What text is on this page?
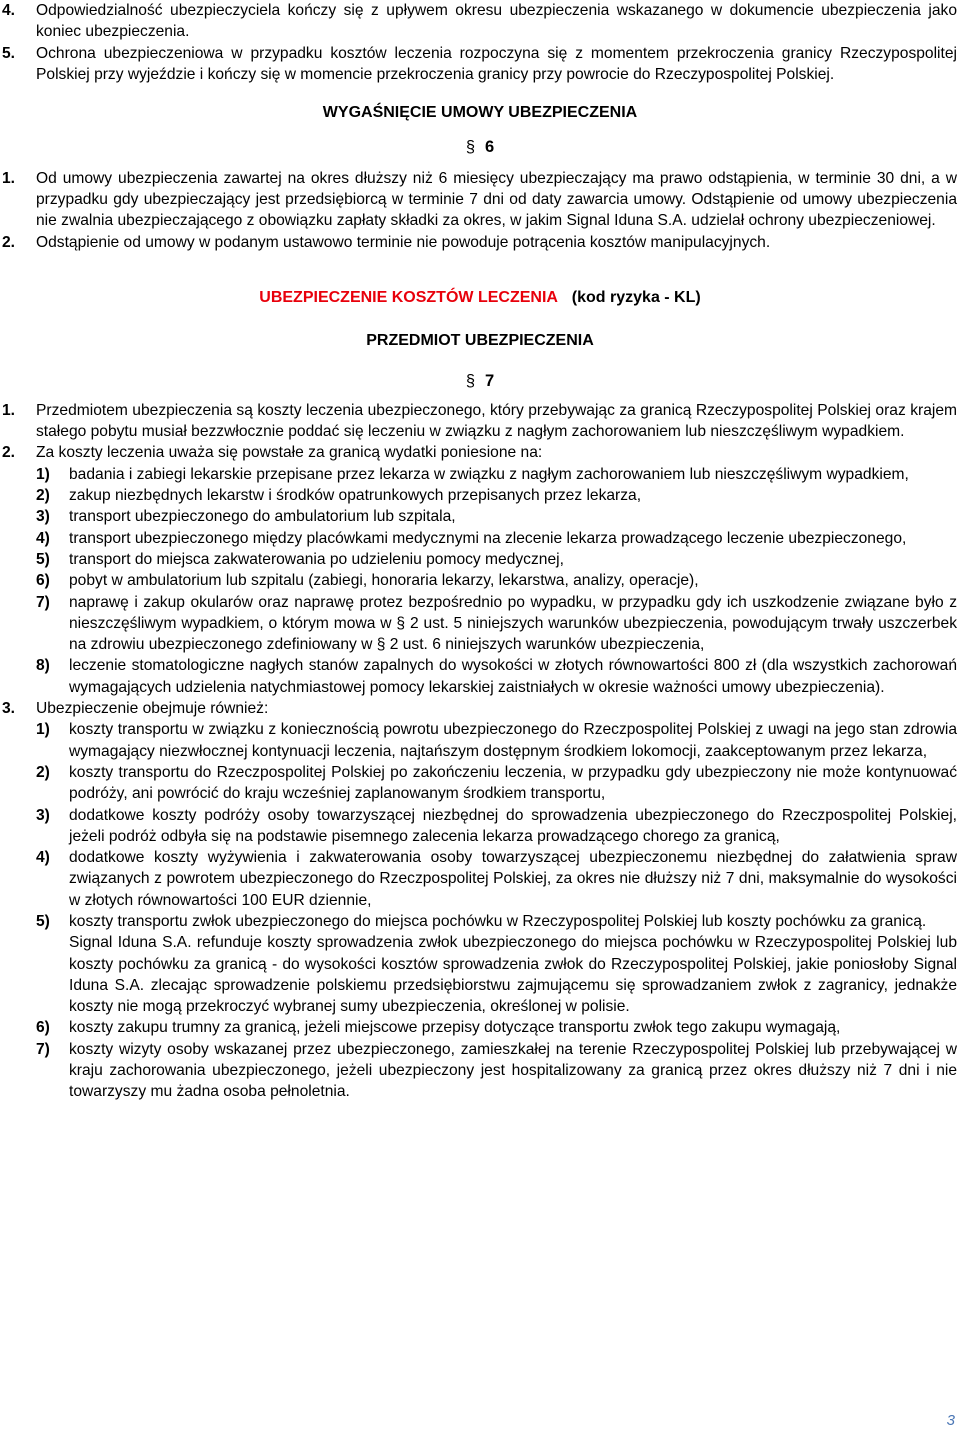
4. Odpowiedzialność ubezpieczyciela kończy się z upływem okresu ubezpieczenia wskazanego w dokumencie ubezpieczenia jako koniec ubezpieczenia.
5. Ochrona ubezpieczeniowa w przypadku kosztów leczenia rozpoczyna się z momentem przekroczenia granicy Rzeczypospolitej Polskiej przy wyjeździe i kończy się w momencie przekroczenia granicy przy powrocie do Rzeczypospolitej Polskiej.
WYGAŚNIĘCIE UMOWY UBEZPIECZENIA
§ 6
1. Od umowy ubezpieczenia zawartej na okres dłuższy niż 6 miesięcy ubezpieczający ma prawo odstąpienia, w terminie 30 dni, a w przypadku gdy ubezpieczający jest przedsiębiorcą w terminie 7 dni od daty zawarcia umowy. Odstąpienie od umowy ubezpieczenia nie zwalnia ubezpieczającego z obowiązku zapłaty składki za okres, w jakim Signal Iduna S.A. udzielał ochrony ubezpieczeniowej.
2. Odstąpienie od umowy w podanym ustawowo terminie nie powoduje potrącenia kosztów manipulacyjnych.
UBEZPIECZENIE KOSZTÓW LECZENIA (kod ryzyka - KL)
PRZEDMIOT UBEZPIECZENIA
§ 7
1. Przedmiotem ubezpieczenia są koszty leczenia ubezpieczonego, który przebywając za granicą Rzeczypospolitej Polskiej oraz krajem stałego pobytu musiał bezzwłocznie poddać się leczeniu w związku z nagłym zachorowaniem lub nieszczęśliwym wypadkiem.
2. Za koszty leczenia uważa się powstałe za granicą wydatki poniesione na:
1) badania i zabiegi lekarskie przepisane przez lekarza w związku z nagłym zachorowaniem lub nieszczęśliwym wypadkiem,
2) zakup niezbędnych lekarstw i środków opatrunkowych przepisanych przez lekarza,
3) transport ubezpieczonego do ambulatorium lub szpitala,
4) transport ubezpieczonego między placówkami medycznymi na zlecenie lekarza prowadzącego leczenie ubezpieczonego,
5) transport do miejsca zakwaterowania po udzieleniu pomocy medycznej,
6) pobyt w ambulatorium lub szpitalu (zabiegi, honoraria lekarzy, lekarstwa, analizy, operacje),
7) naprawę i zakup okularów oraz naprawę protez bezpośrednio po wypadku, w przypadku gdy ich uszkodzenie związane było z nieszczęśliwym wypadkiem, o którym mowa w § 2 ust. 5 niniejszych warunków ubezpieczenia, powodującym trwały uszczerbek na zdrowiu ubezpieczonego zdefiniowany w § 2 ust. 6 niniejszych warunków ubezpieczenia,
8) leczenie stomatologiczne nagłych stanów zapalnych do wysokości w złotych równowartości 800 zł (dla wszystkich zachorowań wymagających udzielenia natychmiastowej pomocy lekarskiej zaistniałych w okresie ważności umowy ubezpieczenia).
3. Ubezpieczenie obejmuje również:
1) koszty transportu w związku z koniecznością powrotu ubezpieczonego do Rzeczpospolitej Polskiej z uwagi na jego stan zdrowia wymagający niezwłocznej kontynuacji leczenia, najtańszym dostępnym środkiem lokomocji, zaakceptowanym przez lekarza,
2) koszty transportu do Rzeczpospolitej Polskiej po zakończeniu leczenia, w przypadku gdy ubezpieczony nie może kontynuować podróży, ani powrócić do kraju wcześniej zaplanowanym środkiem transportu,
3) dodatkowe koszty podróży osoby towarzyszącej niezbędnej do sprowadzenia ubezpieczonego do Rzeczpospolitej Polskiej, jeżeli podróż odbyła się na podstawie pisemnego zalecenia lekarza prowadzącego chorego za granicą,
4) dodatkowe koszty wyżywienia i zakwaterowania osoby towarzyszącej ubezpieczonemu niezbędnej do załatwienia spraw związanych z powrotem ubezpieczonego do Rzeczpospolitej Polskiej, za okres nie dłuższy niż 7 dni, maksymalnie do wysokości w złotych równowartości 100 EUR dziennie,
5) koszty transportu zwłok ubezpieczonego do miejsca pochówku w Rzeczypospolitej Polskiej lub koszty pochówku za granicą.
Signal Iduna S.A. refunduje koszty sprowadzenia zwłok ubezpieczonego do miejsca pochówku w Rzeczypospolitej Polskiej lub koszty pochówku za granicą - do wysokości kosztów sprowadzenia zwłok do Rzeczypospolitej Polskiej, jakie poniosłoby Signal Iduna S.A. zlecając sprowadzenie polskiemu przedsiębiorstwu zajmującemu się sprowadzaniem zwłok z zagranicy, jednakże koszty nie mogą przekroczyć wybranej sumy ubezpieczenia, określonej w polisie.
6) koszty zakupu trumny za granicą, jeżeli miejscowe przepisy dotyczące transportu zwłok tego zakupu wymagają,
7) koszty wizyty osoby wskazanej przez ubezpieczonego, zamieszkałej na terenie Rzeczypospolitej Polskiej lub przebywającej w kraju zachorowania ubezpieczonego, jeżeli ubezpieczony jest hospitalizowany za granicą przez okres dłuższy niż 7 dni i nie towarzyszy mu żadna osoba pełnoletnia.
3
